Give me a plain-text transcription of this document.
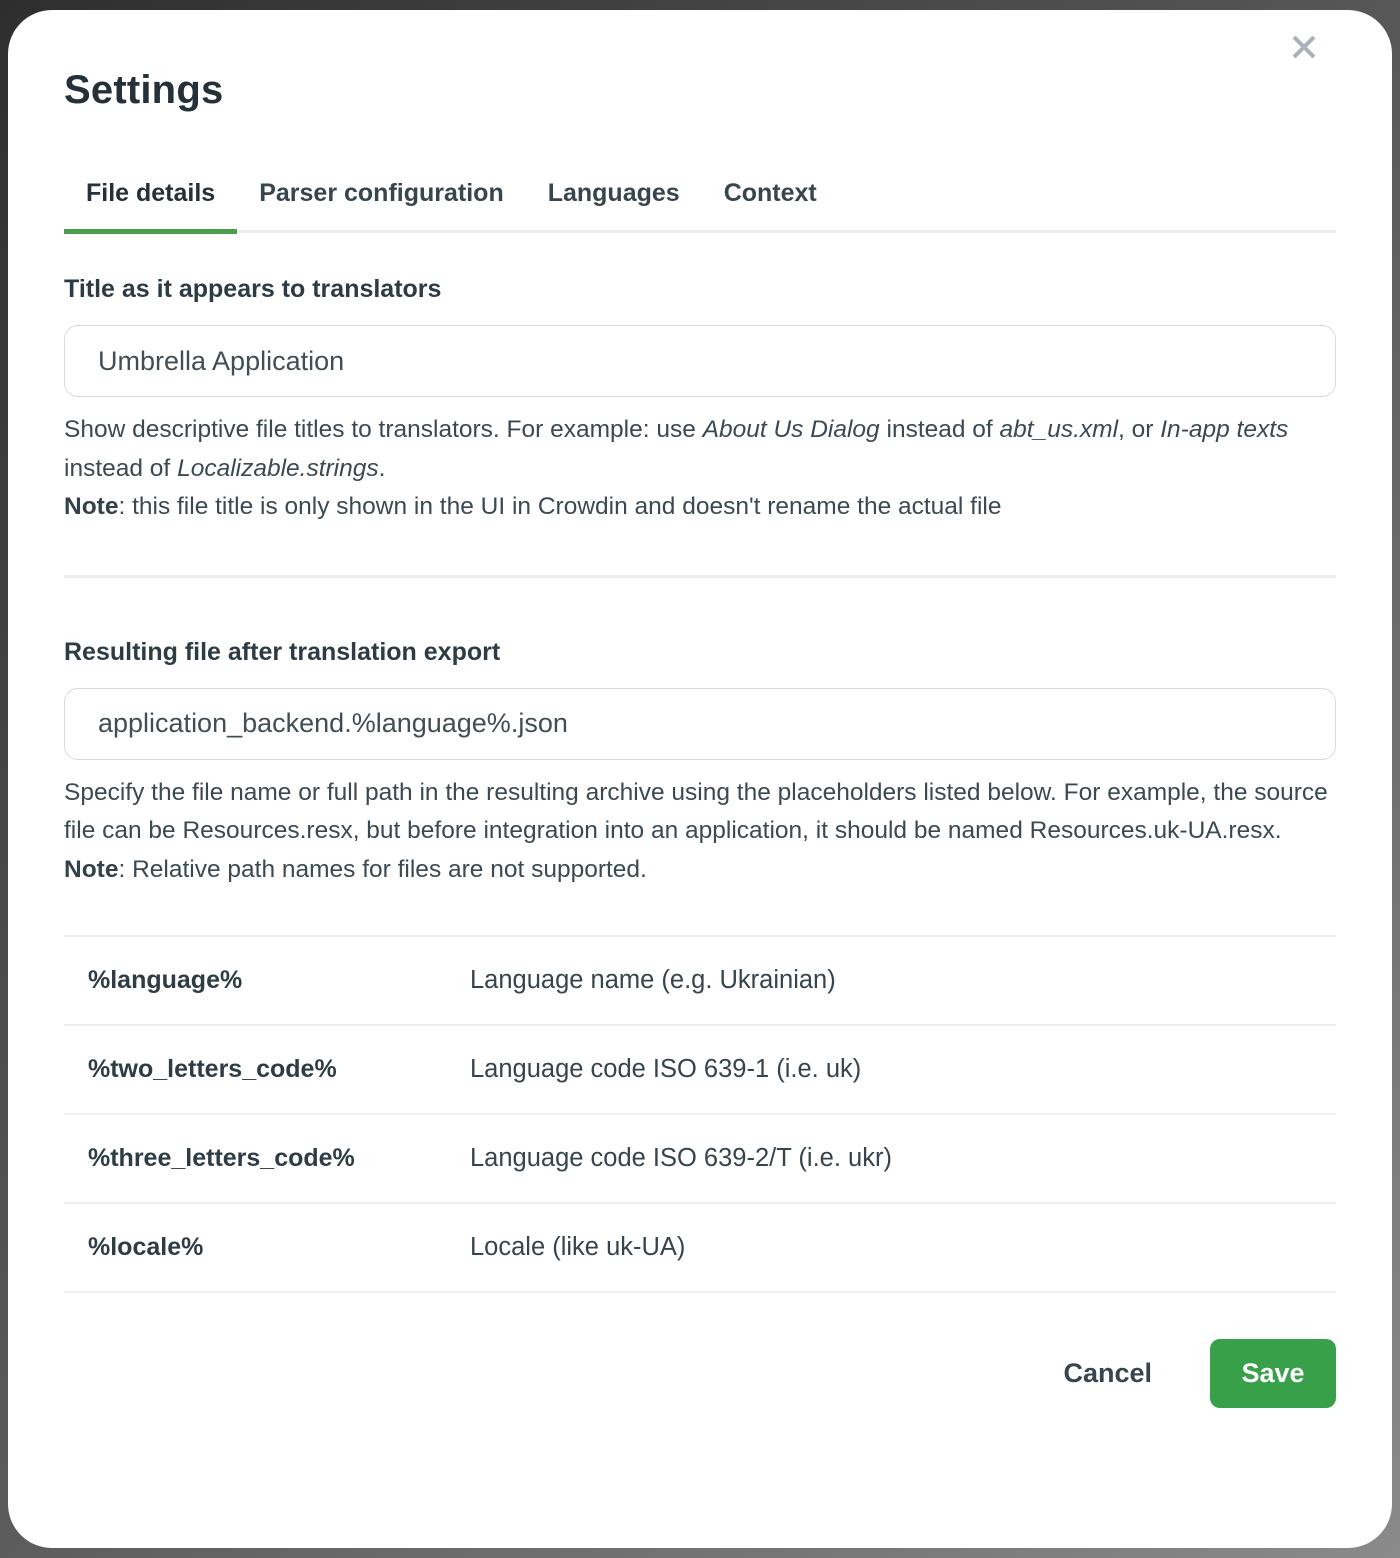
Settings
File details	Parser configuration	Languages	Context
Title as it appears to translators
Umbrella Application

Show descriptive file titles to translators. For example: use About Us Dialog instead of abt_us.xml, or In-app texts instead of Localizable.strings.
Note: this file title is only shown in the UI in Crowdin and doesn't rename the actual file

Resulting file after translation export
application_backend.%language%.json

Specify the file name or full path in the resulting archive using the placeholders listed below. For example, the source file can be Resources.resx, but before integration into an application, it should be named Resources.uk-UA.resx.
Note: Relative path names for files are not supported.

%language%	Language name (e.g. Ukrainian)
%two_letters_code%	Language code ISO 639-1 (i.e. uk)
%three_letters_code%	Language code ISO 639-2/T (i.e. ukr)
%locale%	Locale (like uk-UA)
Cancel	Save
